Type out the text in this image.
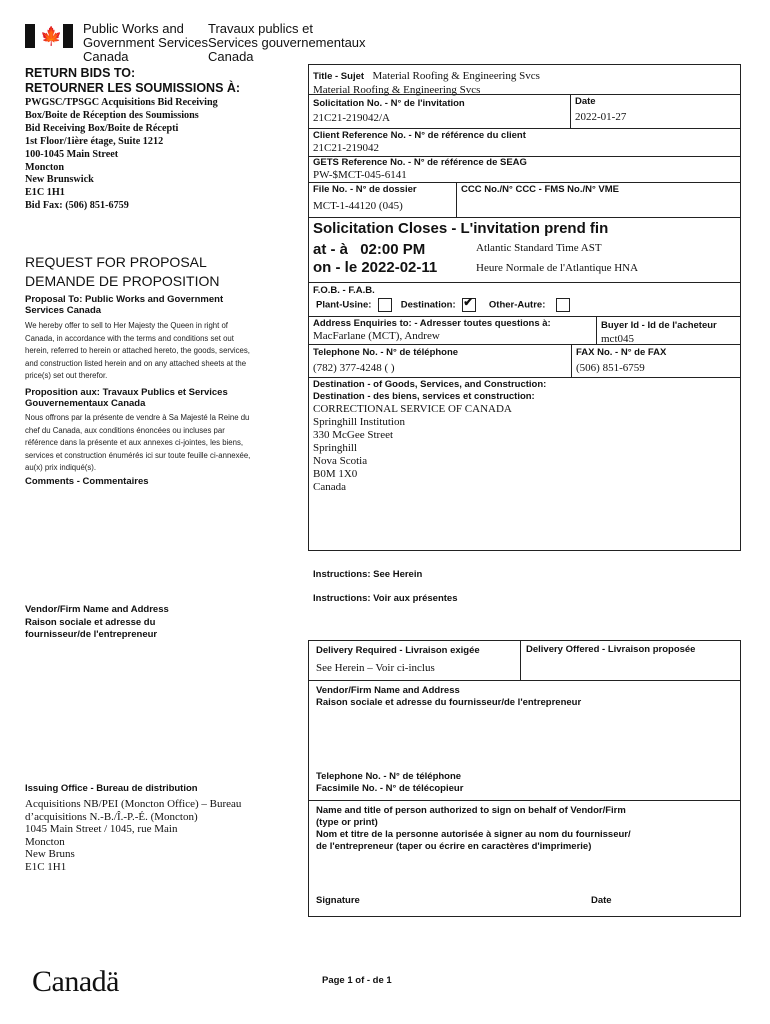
🍁 Public Works and
Government Services
Canada
Travaux publics et
Services gouvernementaux
Canada
RETURN BIDS TO:
RETOURNER LES SOUMISSIONS À:
PWGSC/TPSGC Acquisitions Bid Receiving
Box/Boite de Réception des Soumissions
Bid Receiving Box/Boite de Récepti
1st Floor/1ière étage, Suite 1212
100-1045 Main Street
Moncton
New Brunswick
E1C 1H1
Bid Fax: (506) 851-6759
REQUEST FOR PROPOSAL
DEMANDE DE PROPOSITION
Proposal To: Public Works and Government Services Canada
We hereby offer to sell to Her Majesty the Queen in right of Canada, in accordance with the terms and conditions set out herein, referred to herein or attached hereto, the goods, services, and construction listed herein and on any attached sheets at the price(s) set out therefor.
Proposition aux: Travaux Publics et Services Gouvernementaux Canada
Nous offrons par la présente de vendre à Sa Majesté la Reine du chef du Canada, aux conditions énoncées ou incluses par référence dans la présente et aux annexes ci-jointes, les biens, services et construction énumérés ici sur toute feuille ci-annexée, au(x) prix indiqué(s).
Comments - Commentaires
Vendor/Firm Name and Address
Raison sociale et adresse du fournisseur/de l'entrepreneur
Issuing Office - Bureau de distribution
Acquisitions NB/PEI (Moncton Office) – Bureau
d’acquisitions N.-B./Î.-P.-É. (Moncton)
1045 Main Street / 1045, rue Main
Moncton
New Bruns
E1C 1H1
Title - Sujet Material Roofing & Engineering Svcs
Material Roofing & Engineering Svcs
Solicitation No. - N° de l'invitation
21C21-219042/A
Date
2022-01-27
Client Reference No. - N° de référence du client
21C21-219042
GETS Reference No. - N° de référence de SEAG
PW-$MCT-045-6141
File No. - N° de dossier
MCT-1-44120 (045)
CCC No./N° CCC - FMS No./N° VME
Solicitation Closes - L'invitation prend fin
at - à 02:00 PM
on - le 2022-02-11
Atlantic Standard Time AST
Heure Normale de l'Atlantique HNA
F.O.B. - F.A.B.
Plant-Usine:	Destination: ✔	Other-Autre:
Address Enquiries to: - Adresser toutes questions à:
MacFarlane (MCT), Andrew
Buyer Id - Id de l'acheteur
mct045
Telephone No. - N° de téléphone
(782) 377-4248 ( )
FAX No. - N° de FAX
(506) 851-6759
Destination - of Goods, Services, and Construction:
Destination - des biens, services et construction:
CORRECTIONAL SERVICE OF CANADA
Springhill Institution
330 McGee Street
Springhill
Nova Scotia
B0M 1X0
Canada
Instructions: See Herein
Instructions: Voir aux présentes
Delivery Required - Livraison exigée
See Herein – Voir ci-inclus
Delivery Offered - Livraison proposée
Vendor/Firm Name and Address
Raison sociale et adresse du fournisseur/de l'entrepreneur
Telephone No. - N° de téléphone
Facsimile No. - N° de télécopieur
Name and title of person authorized to sign on behalf of Vendor/Firm
(type or print)
Nom et titre de la personne autorisée à signer au nom du fournisseur/
de l'entrepreneur (taper ou écrire en caractères d'imprimerie)
Signature	Date
Canadä	Page 1 of - de 1
